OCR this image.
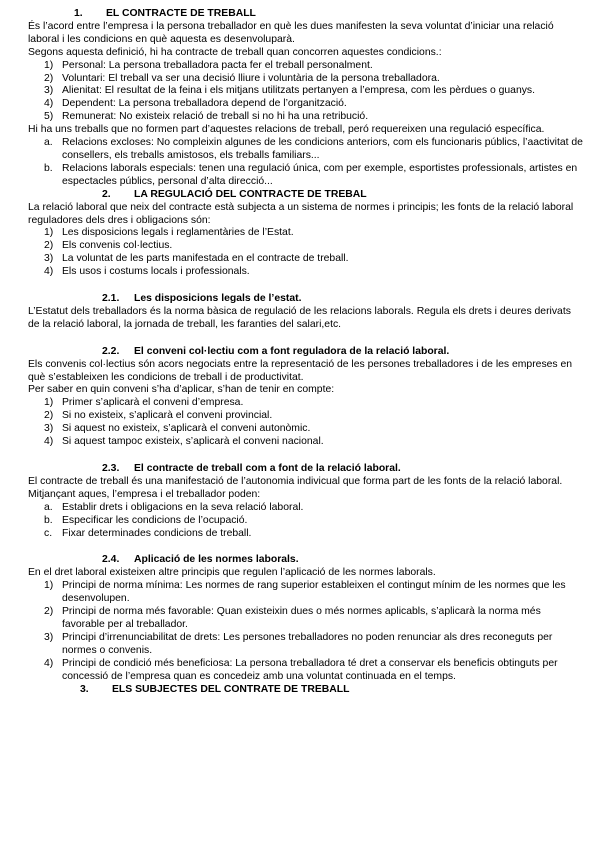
1. EL CONTRACTE DE TREBALL

És l’acord entre l’empresa i la persona treballador en què les dues manifesten la seva voluntat d’iniciar una relació laboral i les condicions en què aquesta es desenvoluparà.

Segons aquesta definició, hi ha contracte de treball quan concorren aquestes condicions.:

1) Personal: La persona treballadora pacta fer el treball personalment.
2) Voluntari: El treball va ser una decisió lliure i voluntària de la persona treballadora.
3) Alienitat: El resultat de la feina i els mitjans utilitzats pertanyen a l’empresa, com les pèrdues o guanys.
4) Dependent: La persona treballadora depend de l’organització.
5) Remunerat: No existeix relació de treball si no hi ha una retribució.

Hi ha uns treballs que no formen part d’aquestes relacions de treball, peró requereixen una regulació específica.

a. Relacions excloses: No compleixin algunes de les condicions anteriors, com els funcionaris públics, l’aactivitat de consellers, els treballs amistosos, els treballs familiars...
b. Relacions laborals especials: tenen una regulació única, com per exemple, esportistes professionals, artistes en espectacles públics, personal d’alta direcció...
2. LA REGULACIÓ DEL CONTRACTE DE TREBAL

La relació laboral que neix del contracte està subjecta a un sistema de normes i principis; les fonts de la relació laboral reguladores dels dres i obligacions són:

1) Les disposicions legals i reglamentàries de l’Estat.
2) Els convenis col·lectius.
3) La voluntat de les parts manifestada en el contracte de treball.
4) Els usos i costums locals i professionals.
2.1. Les disposicions legals de l’estat.

L’Estatut dels treballadors és la norma bàsica de regulació de les relacions laborals. Regula els drets i deures derivats de la relació laboral, la jornada de treball, les faranties del salari,etc.

2.2. El conveni col·lectiu com a font reguladora de la relació laboral.

Els convenis col·lectius són acors negociats entre la representació de les persones treballadores i de les empreses en què s’estableixen les condicions de treball i de productivitat.

Per saber en quin conveni s’ha d’aplicar, s’han de tenir en compte:

1) Primer s’aplicarà el conveni d’empresa.
2) Si no existeix, s’aplicarà el conveni provincial.
3) Si aquest no existeix, s’aplicarà el conveni autonòmic.
4) Si aquest tampoc existeix, s’aplicarà el conveni nacional.
2.3. El contracte de treball com a font de la relació laboral.

El contracte de treball és una manifestació de l’autonomia indivicual que forma part de les fonts de la relació laboral. Mitjançant aques, l’empresa i el treballador poden:

a. Establir drets i obligacions en la seva relació laboral.
b. Especificar les condicions de l’ocupació.
c. Fixar determinades condicions de treball.
2.4. Aplicació de les normes laborals.

En el dret laboral existeixen altre principis que regulen l’aplicació de les normes laborals.

1) Principi de norma mínima: Les normes de rang superior estableixen el contingut mínim de les normes que les desenvolupen.
2) Principi de norma més favorable: Quan existeixin dues o més normes aplicabls, s’aplicarà la norma més favorable per al treballador.
3) Principi d’irrenunciabilitat de drets: Les persones treballadores no poden renunciar als dres reconeguts per normes o convenis.
4) Principi de condició més beneficiosa: La persona treballadora té dret a conservar els beneficis obtinguts per concessió de l’empresa quan es concedeiz amb una voluntat continuada en el temps.
3. ELS SUBJECTES DEL CONTRATE DE TREBALL
